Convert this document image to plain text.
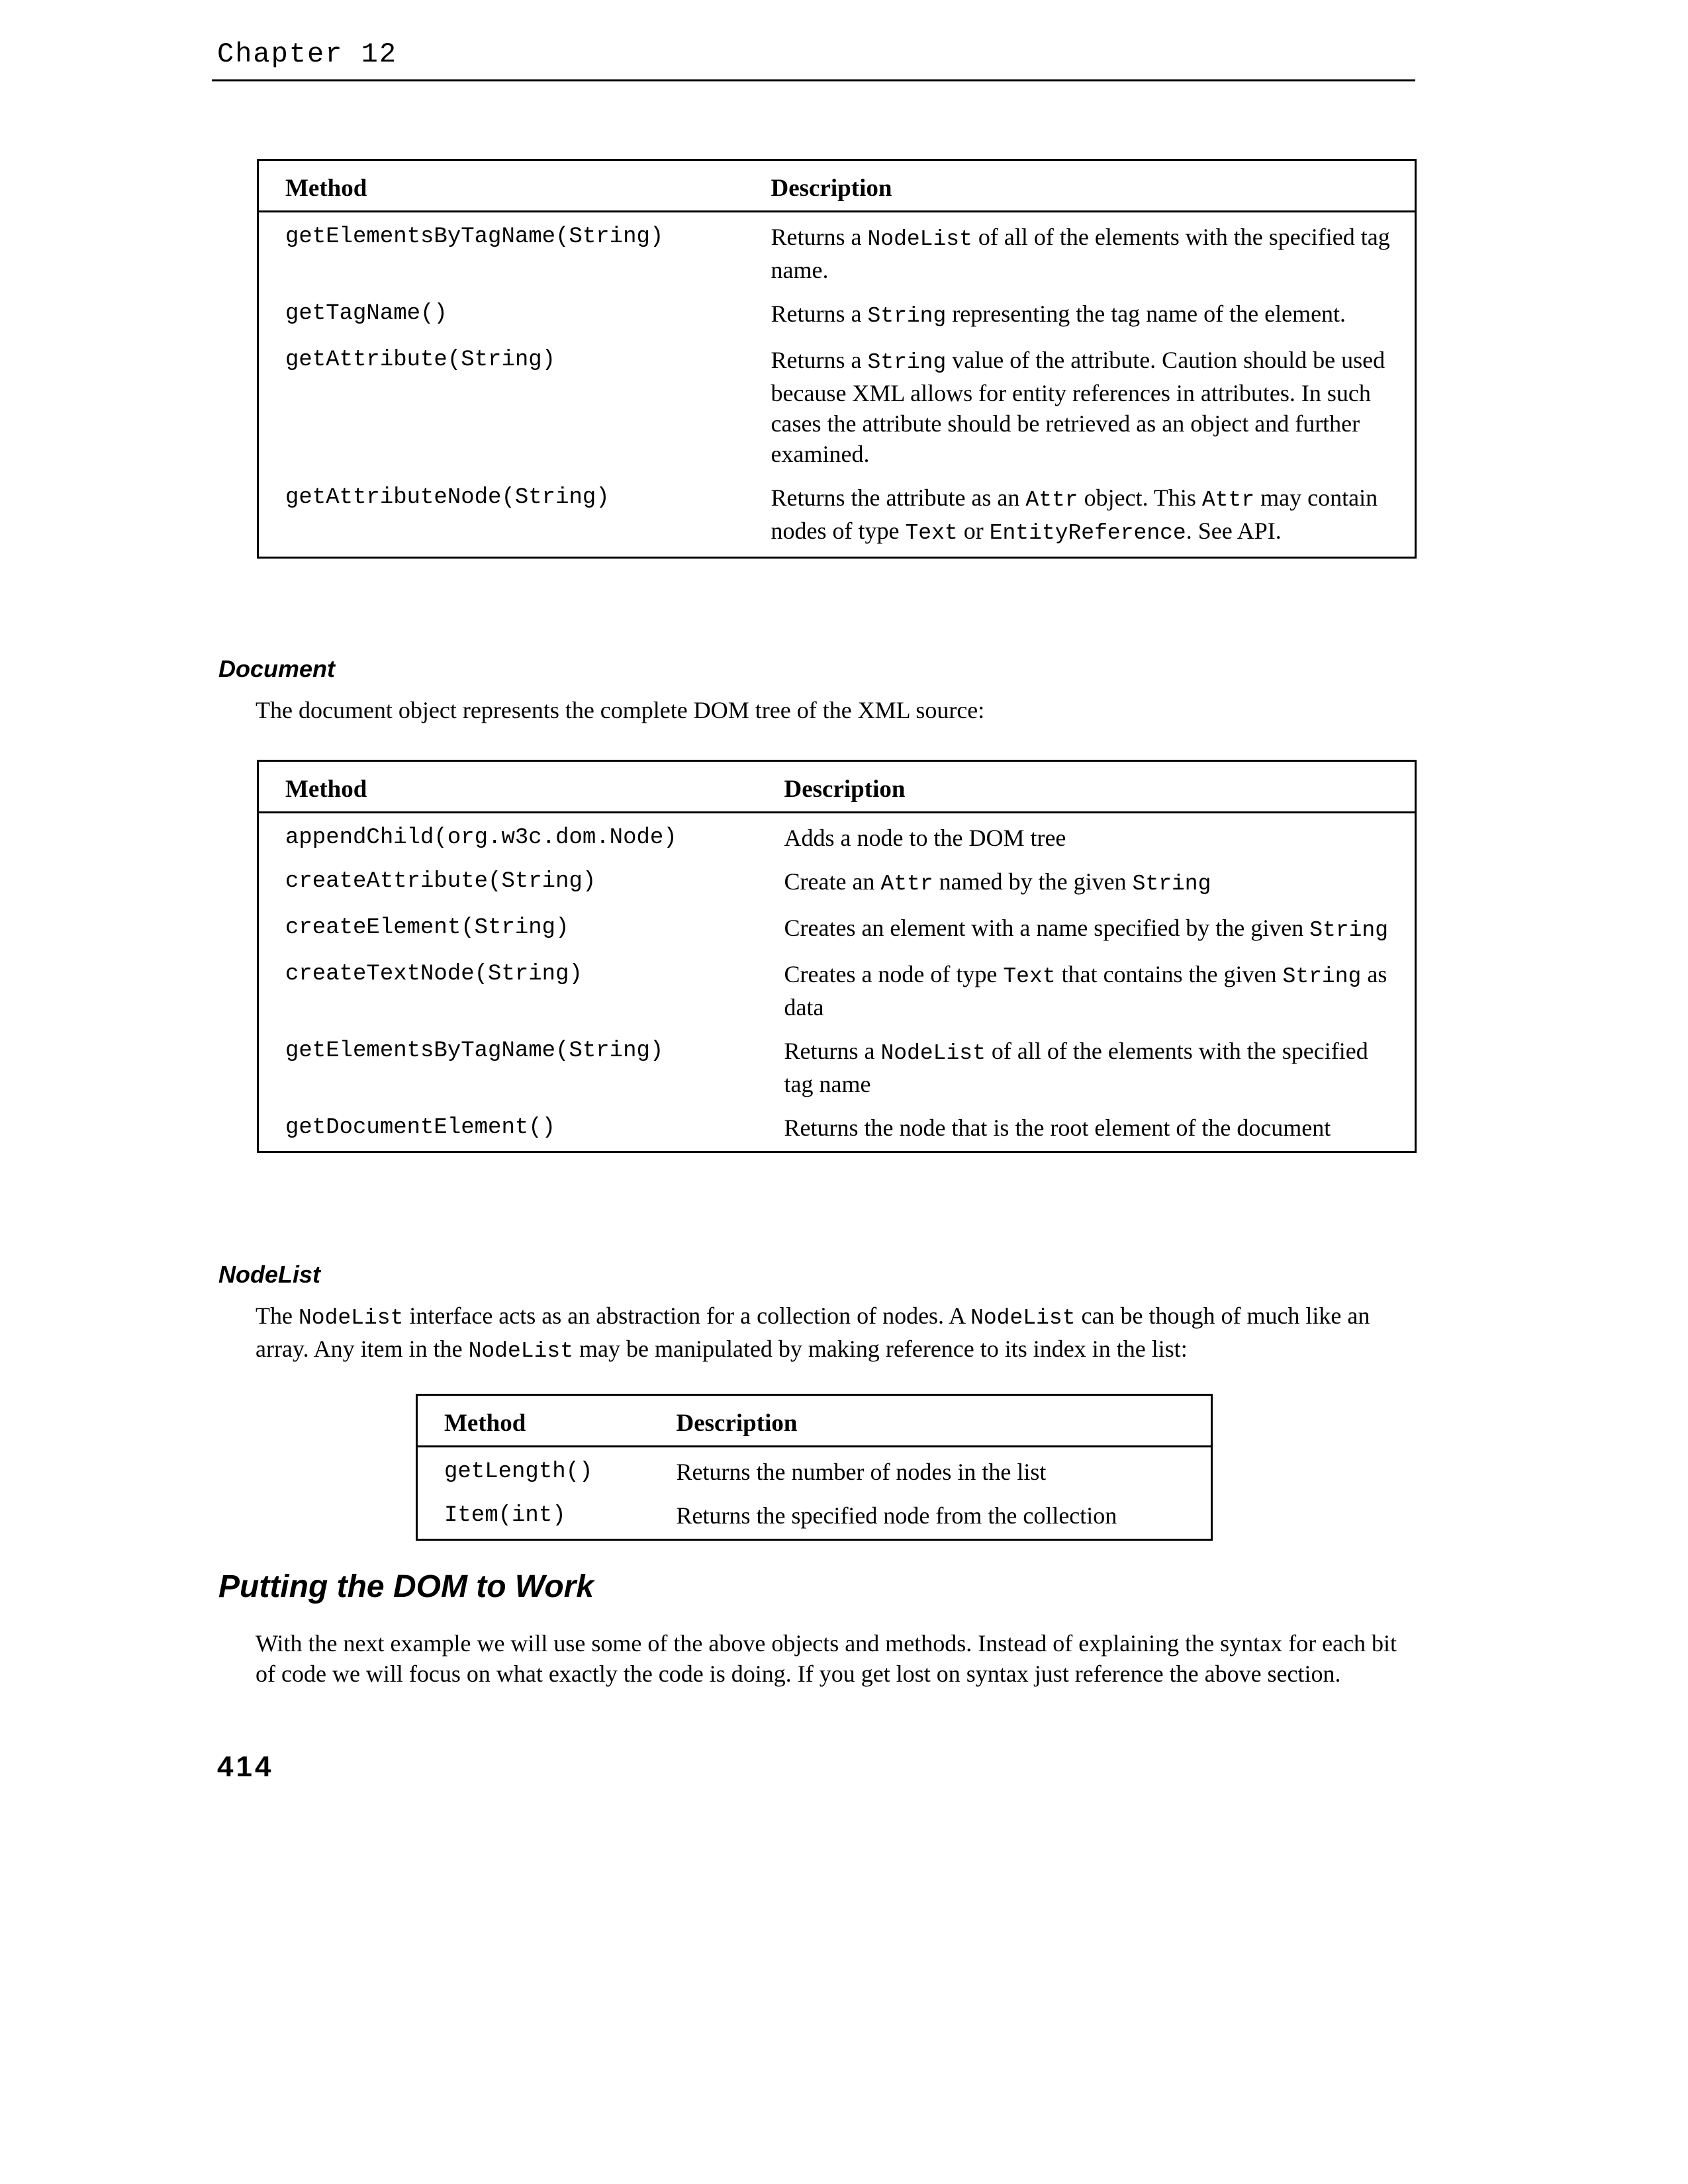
Chapter 12
Method	Description
getElementsByTagName(String)	Returns a NodeList of all of the elements with the specified tag name.
getTagName()	Returns a String representing the tag name of the element.
getAttribute(String)	Returns a String value of the attribute. Caution should be used because XML allows for entity references in attributes. In such cases the attribute should be retrieved as an object and further examined.
getAttributeNode(String)	Returns the attribute as an Attr object. This Attr may contain nodes of type Text or EntityReference. See API.
Document
The document object represents the complete DOM tree of the XML source:
Method	Description
appendChild(org.w3c.dom.Node)	Adds a node to the DOM tree
createAttribute(String)	Create an Attr named by the given String
createElement(String)	Creates an element with a name specified by the given String
createTextNode(String)	Creates a node of type Text that contains the given String as data
getElementsByTagName(String)	Returns a NodeList of all of the elements with the specified tag name
getDocumentElement()	Returns the node that is the root element of the document
NodeList
The NodeList interface acts as an abstraction for a collection of nodes. A NodeList can be though of much like an array. Any item in the NodeList may be manipulated by making reference to its index in the list:
Method	Description
getLength()	Returns the number of nodes in the list
Item(int)	Returns the specified node from the collection
Putting the DOM to Work
With the next example we will use some of the above objects and methods. Instead of explaining the syntax for each bit of code we will focus on what exactly the code is doing. If you get lost on syntax just reference the above section.
414
